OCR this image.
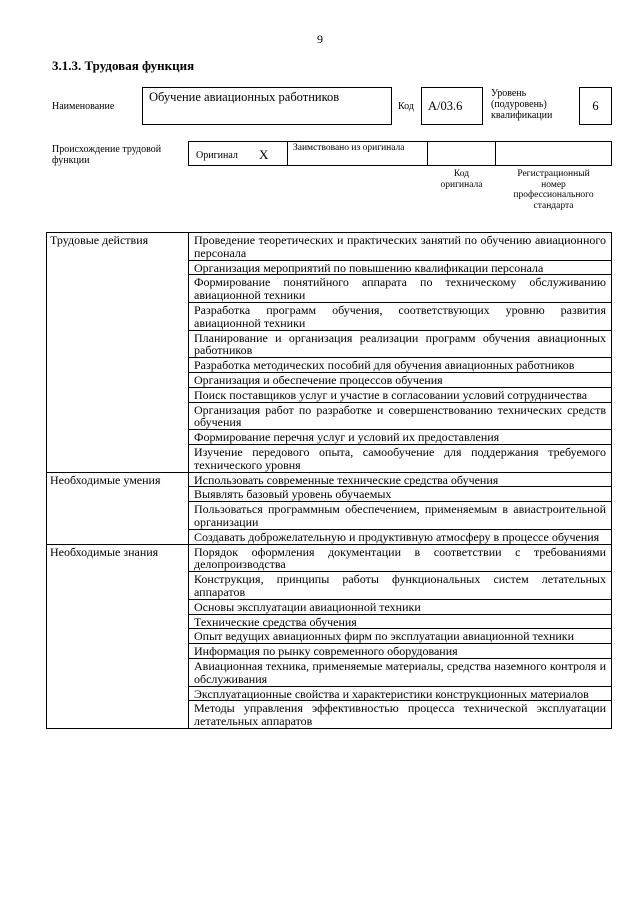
9
3.1.3. Трудовая функция
Наименование
Обучение авиационных работников
Код	A/03.6
Уровень
(подуровень)
квалификации
6
Происхождение трудовой функции	Оригинал X	Заимствовано из оригинала
Код
оригинала
Регистрационный
номер
профессионального
стандарта
Трудовые действия	Проведение теоретических и практических занятий по обучению авиационного персонала
	Организация мероприятий по повышению квалификации персонала
	Формирование понятийного аппарата по техническому обслуживанию авиационной техники
	Разработка программ обучения, соответствующих уровню развития авиационной техники
	Планирование и организация реализации программ обучения авиационных работников
	Разработка методических пособий для обучения авиационных работников
	Организация и обеспечение процессов обучения
	Поиск поставщиков услуг и участие в согласовании условий сотрудничества
	Организация работ по разработке и совершенствованию технических средств обучения
	Формирование перечня услуг и условий их предоставления
	Изучение передового опыта, самообучение для поддержания требуемого технического уровня
Необходимые умения	Использовать современные технические средства обучения
	Выявлять базовый уровень обучаемых
	Пользоваться программным обеспечением, применяемым в авиастроительной организации
	Создавать доброжелательную и продуктивную атмосферу в процессе обучения
Необходимые знания	Порядок оформления документации в соответствии с требованиями делопроизводства
	Конструкция, принципы работы функциональных систем летательных аппаратов
	Основы эксплуатации авиационной техники
	Технические средства обучения
	Опыт ведущих авиационных фирм по эксплуатации авиационной техники
	Информация по рынку современного оборудования
	Авиационная техника, применяемые материалы, средства наземного контроля и обслуживания
	Эксплуатационные свойства и характеристики конструкционных материалов
	Методы управления эффективностью процесса технической эксплуатации летательных аппаратов
